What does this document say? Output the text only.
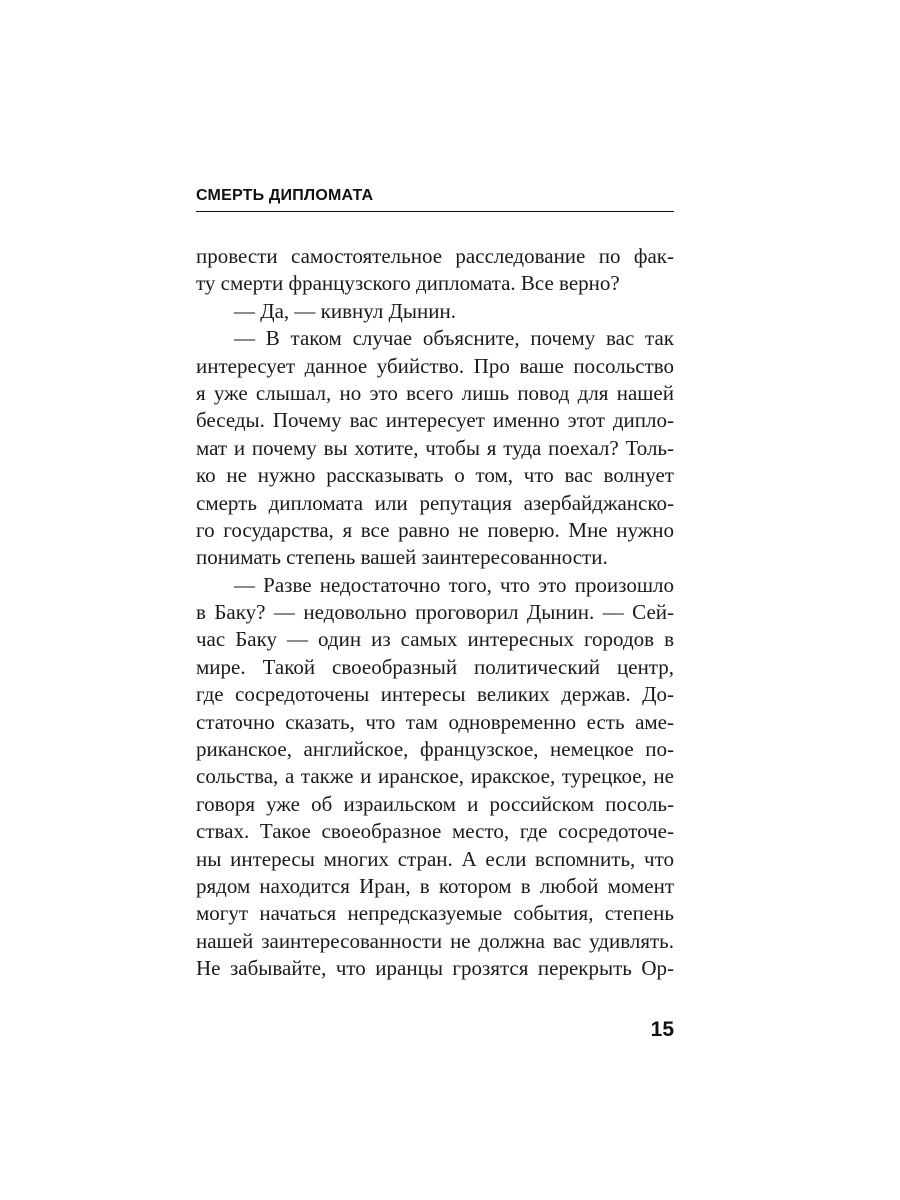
СМЕРТЬ ДИПЛОМАТА
провести самостоятельное расследование по фак-
ту смерти французского дипломата. Все верно?
— Да, — кивнул Дынин.
— В таком случае объясните, почему вас так
интересует данное убийство. Про ваше посольство
я уже слышал, но это всего лишь повод для нашей
беседы. Почему вас интересует именно этот дипло-
мат и почему вы хотите, чтобы я туда поехал? Толь-
ко не нужно рассказывать о том, что вас волнует
смерть дипломата или репутация азербайджанско-
го государства, я все равно не поверю. Мне нужно
понимать степень вашей заинтересованности.
— Разве недостаточно того, что это произошло
в Баку? — недовольно проговорил Дынин. — Сей-
час Баку — один из самых интересных городов в
мире. Такой своеобразный политический центр,
где сосредоточены интересы великих держав. До-
статочно сказать, что там одновременно есть аме-
риканское, английское, французское, немецкое по-
сольства, а также и иранское, иракское, турецкое, не
говоря уже об израильском и российском посоль-
ствах. Такое своеобразное место, где сосредоточе-
ны интересы многих стран. А если вспомнить, что
рядом находится Иран, в котором в любой момент
могут начаться непредсказуемые события, степень
нашей заинтересованности не должна вас удивлять.
Не забывайте, что иранцы грозятся перекрыть Ор-
15
